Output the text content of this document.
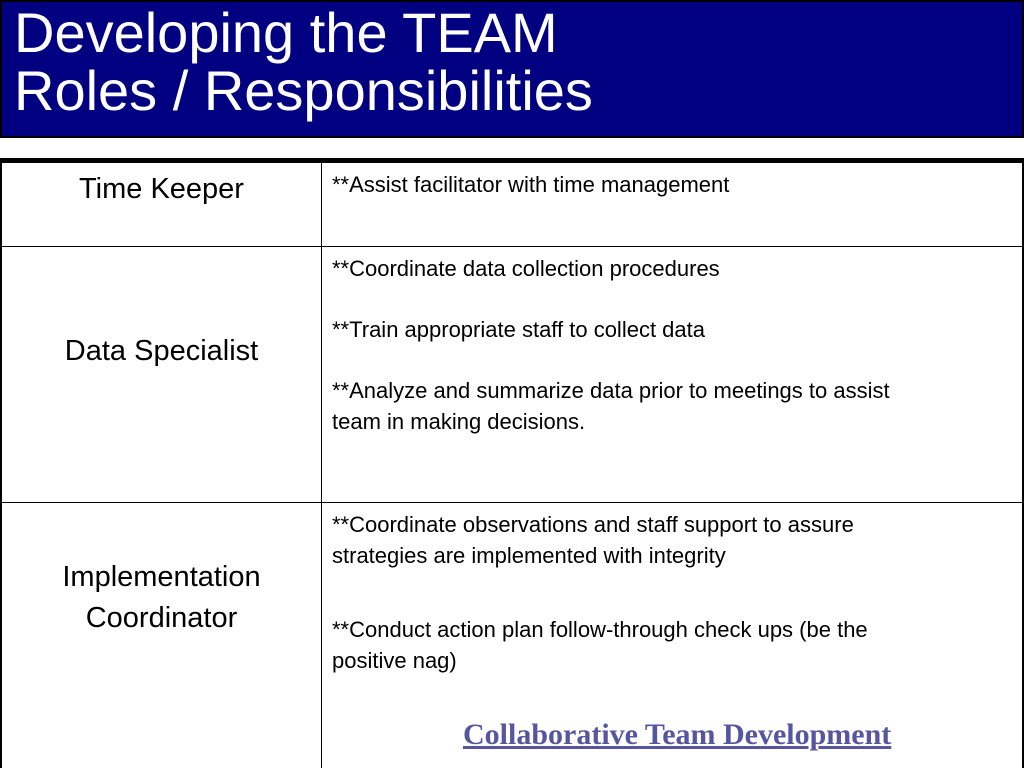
Developing the TEAM
Roles / Responsibilities
Time Keeper	**Assist facilitator with time management

Data Specialist	**Coordinate data collection procedures
**Train appropriate staff to collect data
**Analyze and summarize data prior to meetings to assist
team in making decisions.

Implementation
Coordinator	**Coordinate observations and staff support to assure
strategies are implemented with integrity
**Conduct action plan follow-through check ups (be the
positive nag)
Collaborative Team Development
